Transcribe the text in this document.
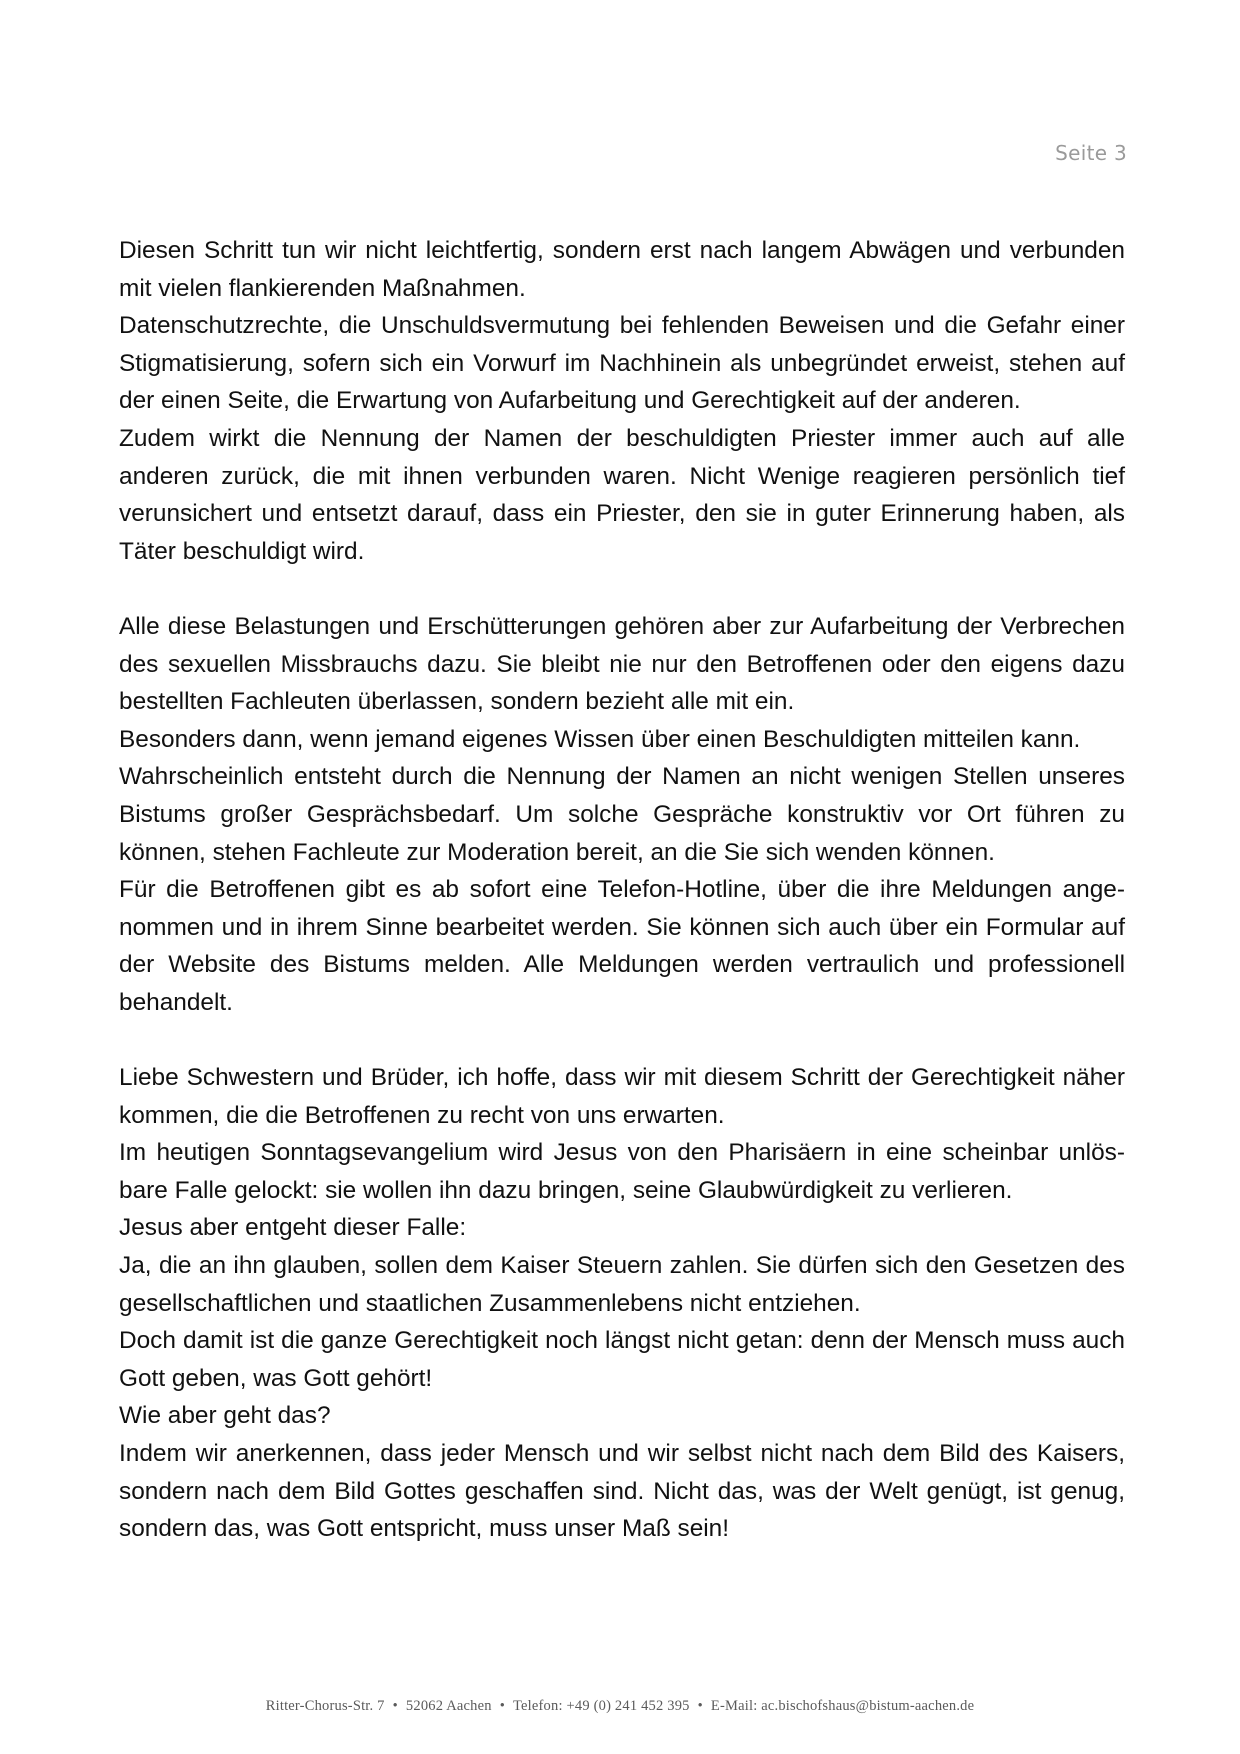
Seite 3

Diesen Schritt tun wir nicht leichtfertig, sondern erst nach langem Abwägen und verbunden mit vielen flankierenden Maßnahmen.

Datenschutzrechte, die Unschuldsvermutung bei fehlenden Beweisen und die Gefahr einer Stigmatisierung, sofern sich ein Vorwurf im Nachhinein als unbegründet erweist, stehen auf der einen Seite, die Erwartung von Aufarbeitung und Gerechtigkeit auf der anderen.

Zudem wirkt die Nennung der Namen der beschuldigten Priester immer auch auf alle anderen zurück, die mit ihnen verbunden waren. Nicht Wenige reagieren persönlich tief verunsichert und entsetzt darauf, dass ein Priester, den sie in guter Erinnerung haben, als Täter beschuldigt wird.

Alle diese Belastungen und Erschütterungen gehören aber zur Aufarbeitung der Verbrechen des sexuellen Missbrauchs dazu. Sie bleibt nie nur den Betroffenen oder den eigens dazu bestellten Fachleuten überlassen, sondern bezieht alle mit ein.

Besonders dann, wenn jemand eigenes Wissen über einen Beschuldigten mitteilen kann.

Wahrscheinlich entsteht durch die Nennung der Namen an nicht wenigen Stellen unseres Bistums großer Gesprächsbedarf. Um solche Gespräche konstruktiv vor Ort führen zu können, stehen Fachleute zur Moderation bereit, an die Sie sich wenden können.

Für die Betroffenen gibt es ab sofort eine Telefon-Hotline, über die ihre Meldungen angenommen und in ihrem Sinne bearbeitet werden. Sie können sich auch über ein Formular auf der Website des Bistums melden. Alle Meldungen werden vertraulich und professionell behandelt.

Liebe Schwestern und Brüder, ich hoffe, dass wir mit diesem Schritt der Gerechtigkeit näher kommen, die die Betroffenen zu recht von uns erwarten.

Im heutigen Sonntagsevangelium wird Jesus von den Pharisäern in eine scheinbar unlösbare Falle gelockt: sie wollen ihn dazu bringen, seine Glaubwürdigkeit zu verlieren.

Jesus aber entgeht dieser Falle:

Ja, die an ihn glauben, sollen dem Kaiser Steuern zahlen. Sie dürfen sich den Gesetzen des gesellschaftlichen und staatlichen Zusammenlebens nicht entziehen.

Doch damit ist die ganze Gerechtigkeit noch längst nicht getan: denn der Mensch muss auch Gott geben, was Gott gehört!

Wie aber geht das?

Indem wir anerkennen, dass jeder Mensch und wir selbst nicht nach dem Bild des Kaisers, sondern nach dem Bild Gottes geschaffen sind. Nicht das, was der Welt genügt, ist genug, sondern das, was Gott entspricht, muss unser Maß sein!

Ritter-Chorus-Str. 7 • 52062 Aachen • Telefon: +49 (0) 241 452 395 • E-Mail: ac.bischofshaus@bistum-aachen.de
